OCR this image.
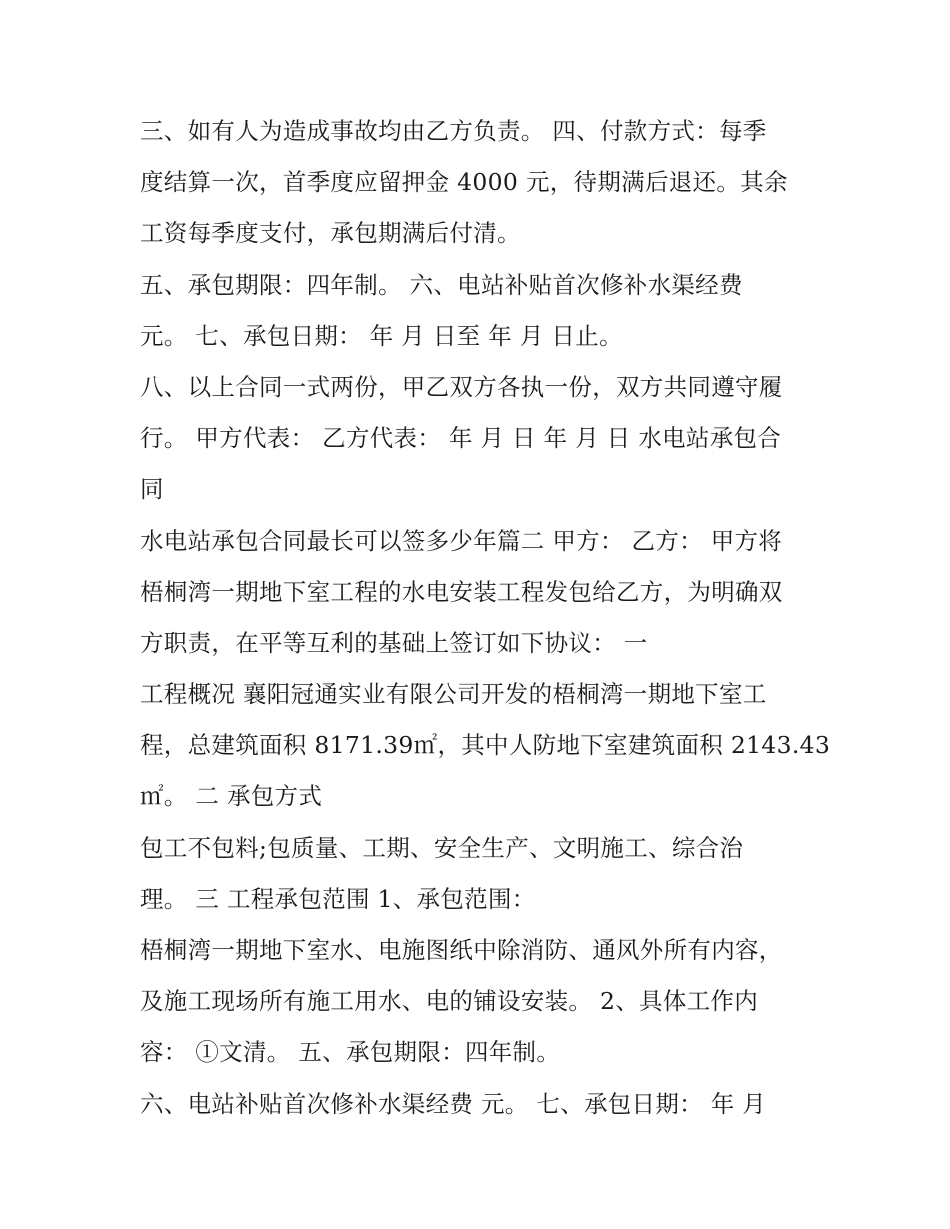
三、如有人为造成事故均由乙方负责。 四、付款方式：每季
度结算一次，首季度应留押金 4000 元，待期满后退还。其余
工资每季度支付，承包期满后付清。
五、承包期限：四年制。 六、电站补贴首次修补水渠经费
元。 七、承包日期： 年 月 日至 年 月 日止。
八、以上合同一式两份，甲乙双方各执一份，双方共同遵守履
行。 甲方代表： 乙方代表： 年 月 日 年 月 日 水电站承包合
同
水电站承包合同最长可以签多少年篇二 甲方： 乙方： 甲方将
梧桐湾一期地下室工程的水电安装工程发包给乙方，为明确双
方职责，在平等互利的基础上签订如下协议： 一
工程概况 襄阳冠通实业有限公司开发的梧桐湾一期地下室工
程，总建筑面积 8171.39㎡，其中人防地下室建筑面积 2143.43
㎡。 二 承包方式
包工不包料;包质量、工期、安全生产、文明施工、综合治
理。 三 工程承包范围 1、承包范围：
梧桐湾一期地下室水、电施图纸中除消防、通风外所有内容，
及施工现场所有施工用水、电的铺设安装。 2、具体工作内
容： ①文清。 五、承包期限：四年制。
六、电站补贴首次修补水渠经费 元。 七、承包日期： 年 月
